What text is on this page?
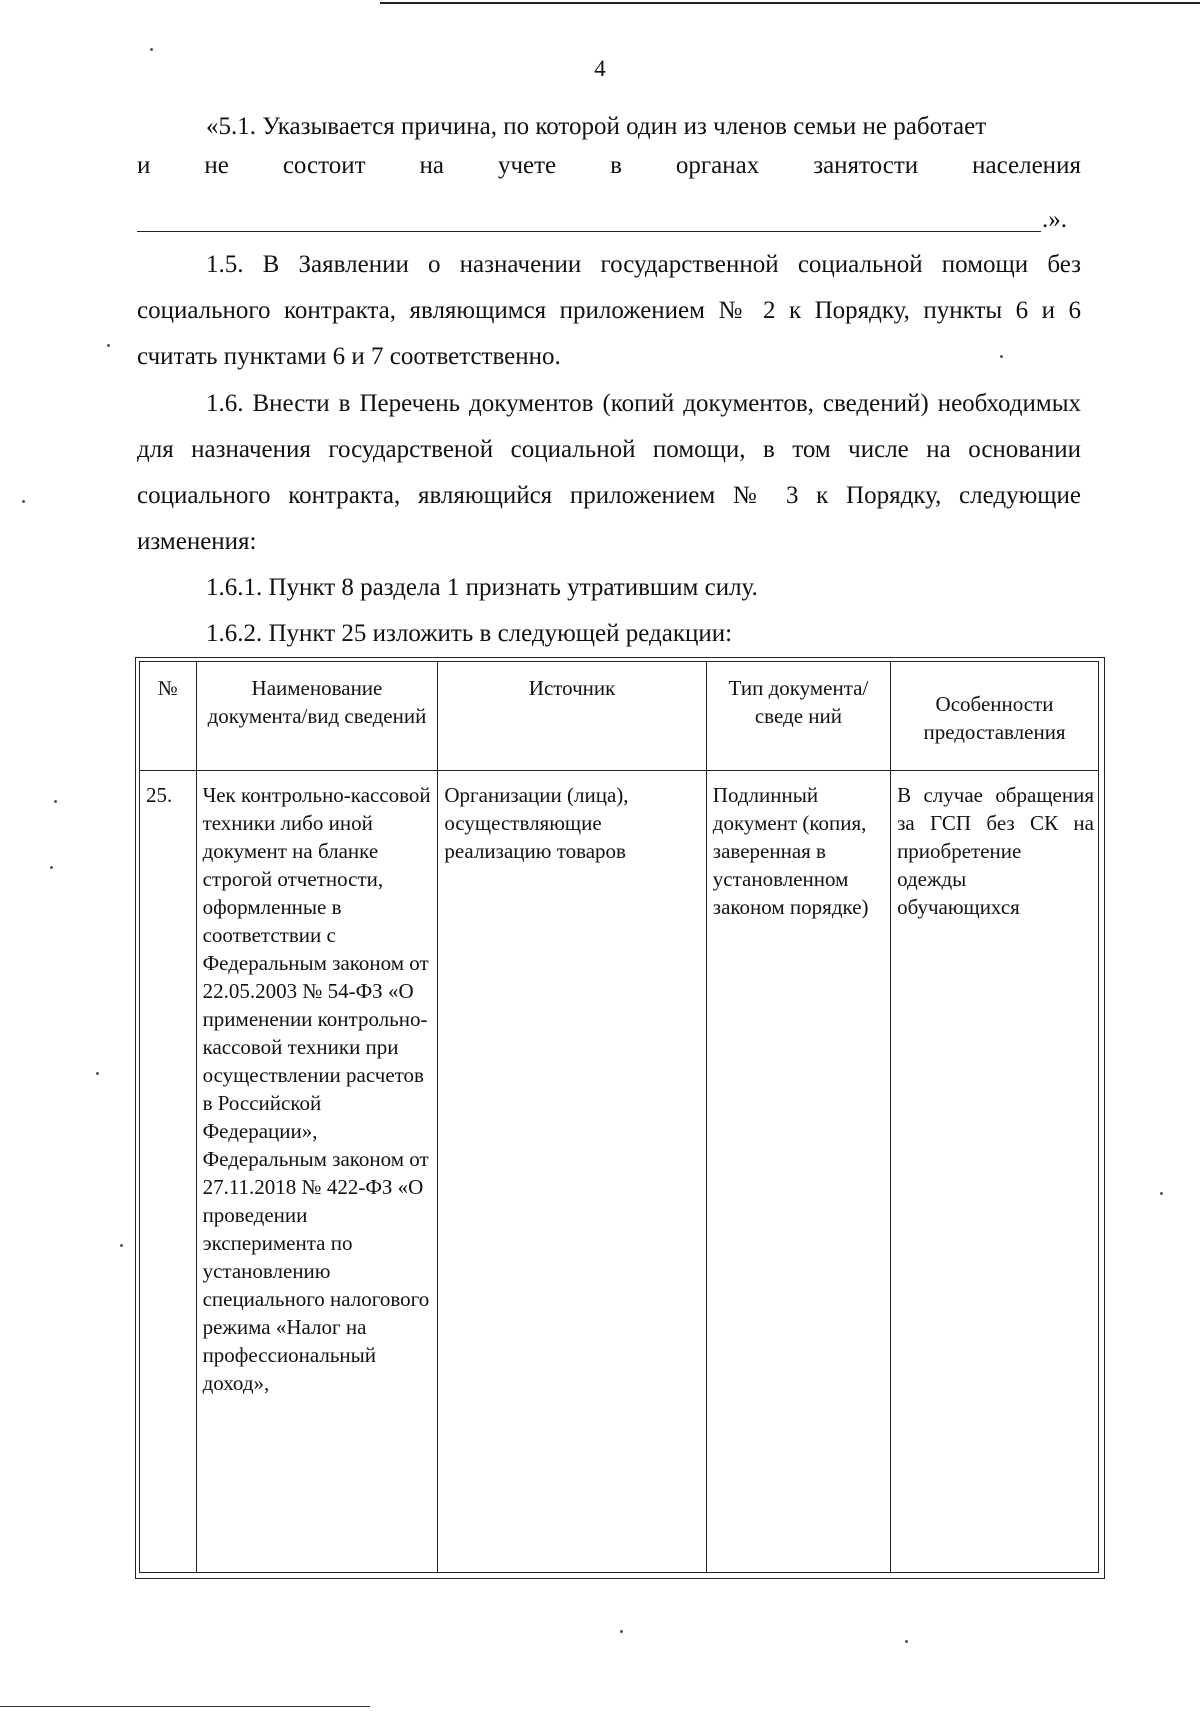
4
«5.1. Указывается причина, по которой один из членов семьи не работает
и не состоит на учете в органах занятости населения
.».
1.5. В Заявлении о назначении государственной социальной помощи без социального контракта, являющимся приложением № 2 к Порядку, пункты 6 и 6 считать пунктами 6 и 7 соответственно.
1.6. Внести в Перечень документов (копий документов, сведений) необходимых для назначения государственой социальной помощи, в том числе на основании социального контракта, являющийся приложением № 3 к Порядку, следующие изменения:
1.6.1. Пункт 8 раздела 1 признать утратившим силу.
1.6.2. Пункт 25 изложить в следующей редакции:
№	Наименование документа/вид сведений	Источник	Тип документа/сведе ний	Особенности предоставления
25.	Чек контрольно-кассовой техники либо иной документ на бланке строгой отчетности, оформленные в соответствии с Федеральным законом от 22.05.2003 № 54-ФЗ «О применении контрольно-кассовой техники при осуществлении расчетов в Российской Федерации», Федеральным законом от 27.11.2018 № 422-ФЗ «О проведении эксперимента по установлению специального налогового режима «Налог на профессиональный доход»,	Организации (лица), осуществляющие реализацию товаров	Подлинный документ (копия, заверенная в установленном законом порядке)	В случае обращения за ГСП без СК на приобретение одежды обучающихся
